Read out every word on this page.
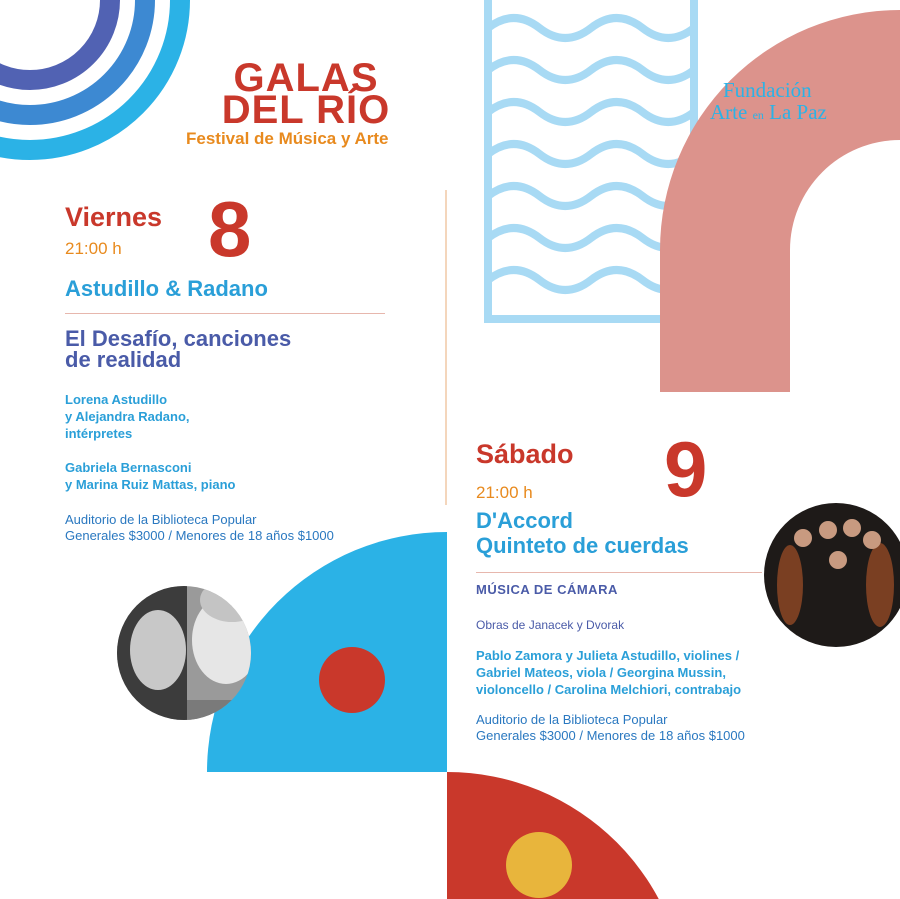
GALAS
DEL RÍO
Festival de Música y Arte
Fundación
Arte en La Paz
Viernes
21:00 h 8
Astudillo & Radano
El Desafío, canciones
de realidad
Lorena Astudillo
y Alejandra Radano,
intérpretes
Gabriela Bernasconi
y Marina Ruiz Mattas, piano
Auditorio de la Biblioteca Popular
Generales $3000 / Menores de 18 años $1000
Sábado 9
21:00 h
D'Accord
Quinteto de cuerdas
MÚSICA DE CÁMARA
Obras de Janacek y Dvorak
Pablo Zamora y Julieta Astudillo, violines /
Gabriel Mateos, viola / Georgina Mussin,
violoncello / Carolina Melchiori, contrabajo
Auditorio de la Biblioteca Popular
Generales $3000 / Menores de 18 años $1000
